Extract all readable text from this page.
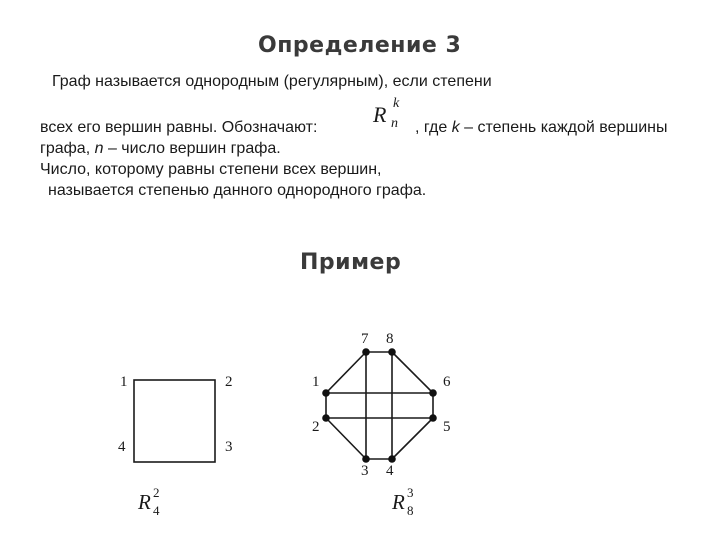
Определение 3
Граф называется однородным (регулярным), если степени
всех его вершин равны. Обозначают:
R k
n , где k – степень каждой вершины
графа, n – число вершин графа.
Число, которому равны степени всех вершин,
называется степенью данного однородного графа.
Пример
1	2
3
4
1
2
3 4
5
6
7 8
R 2
4	R 3
8
